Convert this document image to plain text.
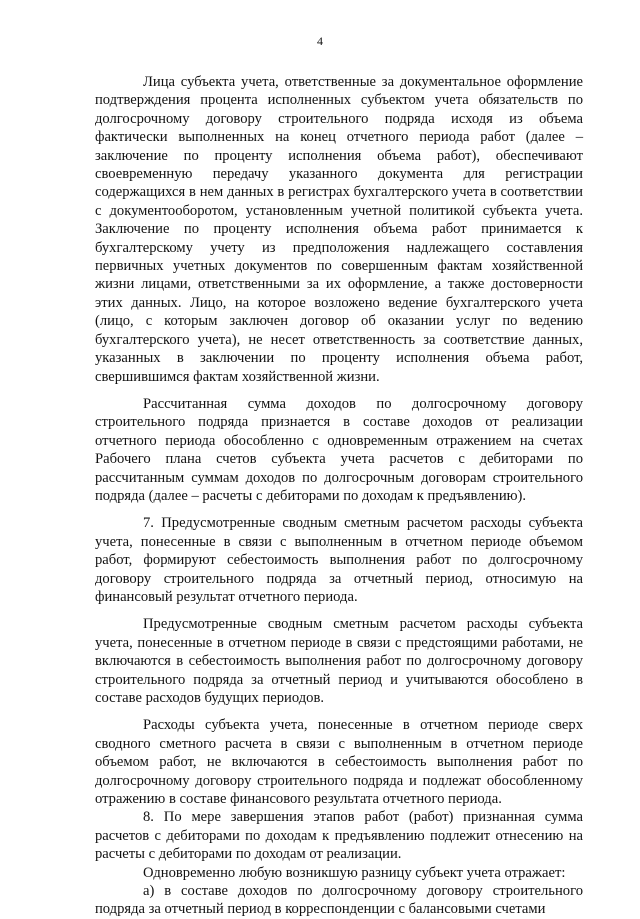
4

Лица субъекта учета, ответственные за документальное оформление подтверждения процента исполненных субъектом учета обязательств по долгосрочному договору строительного подряда исходя из объема фактически выполненных на конец отчетного периода работ (далее – заключение по проценту исполнения объема работ), обеспечивают своевременную передачу указанного документа для регистрации содержащихся в нем данных в регистрах бухгалтерского учета в соответствии с документооборотом, установленным учетной политикой субъекта учета. Заключение по проценту исполнения объема работ принимается к бухгалтерскому учету из предположения надлежащего составления первичных учетных документов по совершенным фактам хозяйственной жизни лицами, ответственными за их оформление, а также достоверности этих данных. Лицо, на которое возложено ведение бухгалтерского учета (лицо, с которым заключен договор об оказании услуг по ведению бухгалтерского учета), не несет ответственность за соответствие данных, указанных в заключении по проценту исполнения объема работ, свершившимся фактам хозяйственной жизни.

Рассчитанная сумма доходов по долгосрочному договору строительного подряда признается в составе доходов от реализации отчетного периода обособленно с одновременным отражением на счетах Рабочего плана счетов субъекта учета расчетов с дебиторами по рассчитанным суммам доходов по долгосрочным договорам строительного подряда (далее – расчеты с дебиторами по доходам к предъявлению).

7. Предусмотренные сводным сметным расчетом расходы субъекта учета, понесенные в связи с выполненным в отчетном периоде объемом работ, формируют себестоимость выполнения работ по долгосрочному договору строительного подряда за отчетный период, относимую на финансовый результат отчетного периода.

Предусмотренные сводным сметным расчетом расходы субъекта учета, понесенные в отчетном периоде в связи с предстоящими работами, не включаются в себестоимость выполнения работ по долгосрочному договору строительного подряда за отчетный период и учитываются обособлено в составе расходов будущих периодов.

Расходы субъекта учета, понесенные в отчетном периоде сверх сводного сметного расчета в связи с выполненным в отчетном периоде объемом работ, не включаются в себестоимость выполнения работ по долгосрочному договору строительного подряда и подлежат обособленному отражению в составе финансового результата отчетного периода.

8. По мере завершения этапов работ (работ) признанная сумма расчетов с дебиторами по доходам к предъявлению подлежит отнесению на расчеты с дебиторами по доходам от реализации.

Одновременно любую возникшую разницу субъект учета отражает:

а) в составе доходов по долгосрочному договору строительного подряда за отчетный период в корреспонденции с балансовыми счетами
